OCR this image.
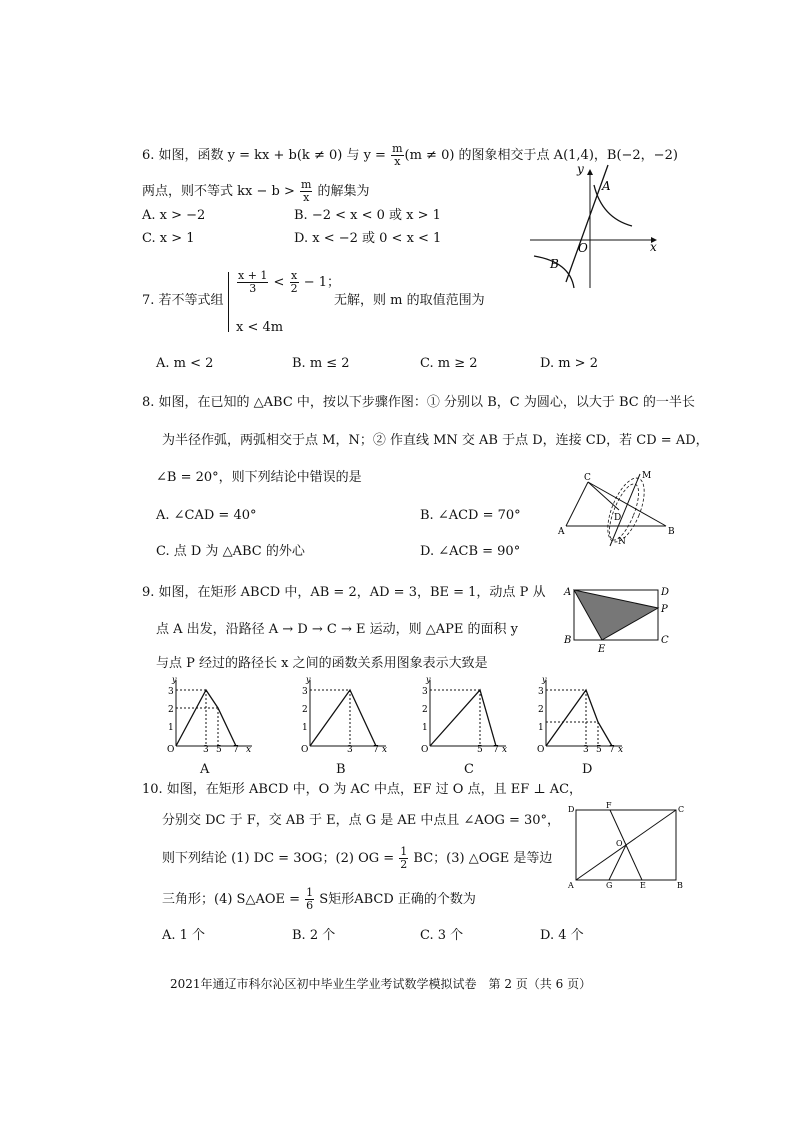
6. 如图，函数 y = kx + b(k ≠ 0) 与 $y = \frac{m}{x} (m \ne 0)$ 的图象相交于点 A(1,4)，B(−2，−2)
两点，则不等式 kx − $b > \frac{m}{x}$ 的解集为
A. x > −2	B. −2 < x < 0 或 x > 1
C. x > 1	D. x < −2 或 0 < x < 1
y
x
O
A
B
7. 若不等式组
$\frac{x + 1}{3} < \frac{x}{2} - 1$；
x < 4m
无解，则 m 的取值范围为
A. m < 2	B. m ≤ 2	C. m ≥ 2	D. m > 2
8. 如图，在已知的 △ABC 中，按以下步骤作图：① 分别以 B，C 为圆心，以大于 BC 的一半长
为半径作弧，两弧相交于点 M，N；② 作直线 MN 交 AB 于点 D，连接 CD，若 CD = AD，
∠B = 20°，则下列结论中错误的是
A. ∠CAD = 40°	B. ∠ACD = 70°
C. 点 D 为 △ABC 的外心	D. ∠ACB = 90°
A	B
C
D
M
N
9. 如图，在矩形 ABCD 中，AB = 2，AD = 3，BE = 1，动点 P 从
点 A 出发，沿路径 A → D → C → E 运动，则 △APE 的面积 y
与点 P 经过的路径长 x 之间的函数关系用图象表示大致是
A	D
P
C
B
E
3
2
1
O	3 5 7 x
y
A
3
2
1
O	3 7 x
y
B
3
2
1
O	5 7 x
y
C
3
2
1
O	3 5 7 x
y
D
10. 如图，在矩形 ABCD 中，O 为 AC 中点，EF 过 O 点，且 EF ⊥ AC，
分别交 DC 于 F，交 AB 于 E，点 G 是 AE 中点且 ∠AOG = 30°，
则下列结论 (1) DC = 3OG；(2) OG = $\frac{1}{2}$ BC；(3) △OGE 是等边
三角形；(4) S△AOE = $\frac{1}{6}$ S矩形ABCD 正确的个数为
A. 1 个	B. 2 个	C. 3 个	D. 4 个
D	C
A	B
F
E
G
O
2021年通辽市科尔沁区初中毕业生学业考试数学模拟试卷　第 2 页（共 6 页）
